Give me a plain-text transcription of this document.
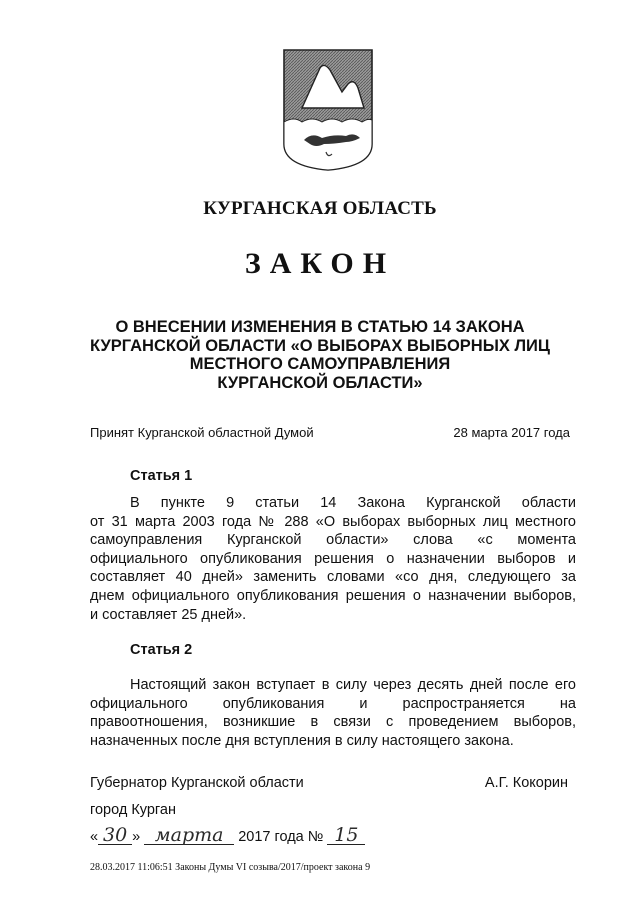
КУРГАНСКАЯ ОБЛАСТЬ
ЗАКОН
О ВНЕСЕНИИ ИЗМЕНЕНИЯ В СТАТЬЮ 14 ЗАКОНА
КУРГАНСКОЙ ОБЛАСТИ «О ВЫБОРАХ ВЫБОРНЫХ ЛИЦ
МЕСТНОГО САМОУПРАВЛЕНИЯ
КУРГАНСКОЙ ОБЛАСТИ»
Принят Курганской областной Думой	28 марта 2017 года
Статья 1
В пункте 9 статьи 14 Закона Курганской области
от 31 марта 2003 года № 288 «О выборах выборных лиц местного
самоуправления Курганской области» слова «с момента
официального опубликования решения о назначении выборов и
составляет 40 дней» заменить словами «со дня, следующего за
днем официального опубликования решения о назначении выборов,
и составляет 25 дней».
Статья 2
Настоящий закон вступает в силу через десять дней после его
официального опубликования и распространяется на
правоотношения, возникшие в связи с проведением выборов,
назначенных после дня вступления в силу настоящего закона.
Губернатор Курганской области	А.Г. Кокорин
город Курган
« 30 » марта 2017 года № 15
28.03.2017 11:06:51 Законы Думы VI созыва/2017/проект закона 9
